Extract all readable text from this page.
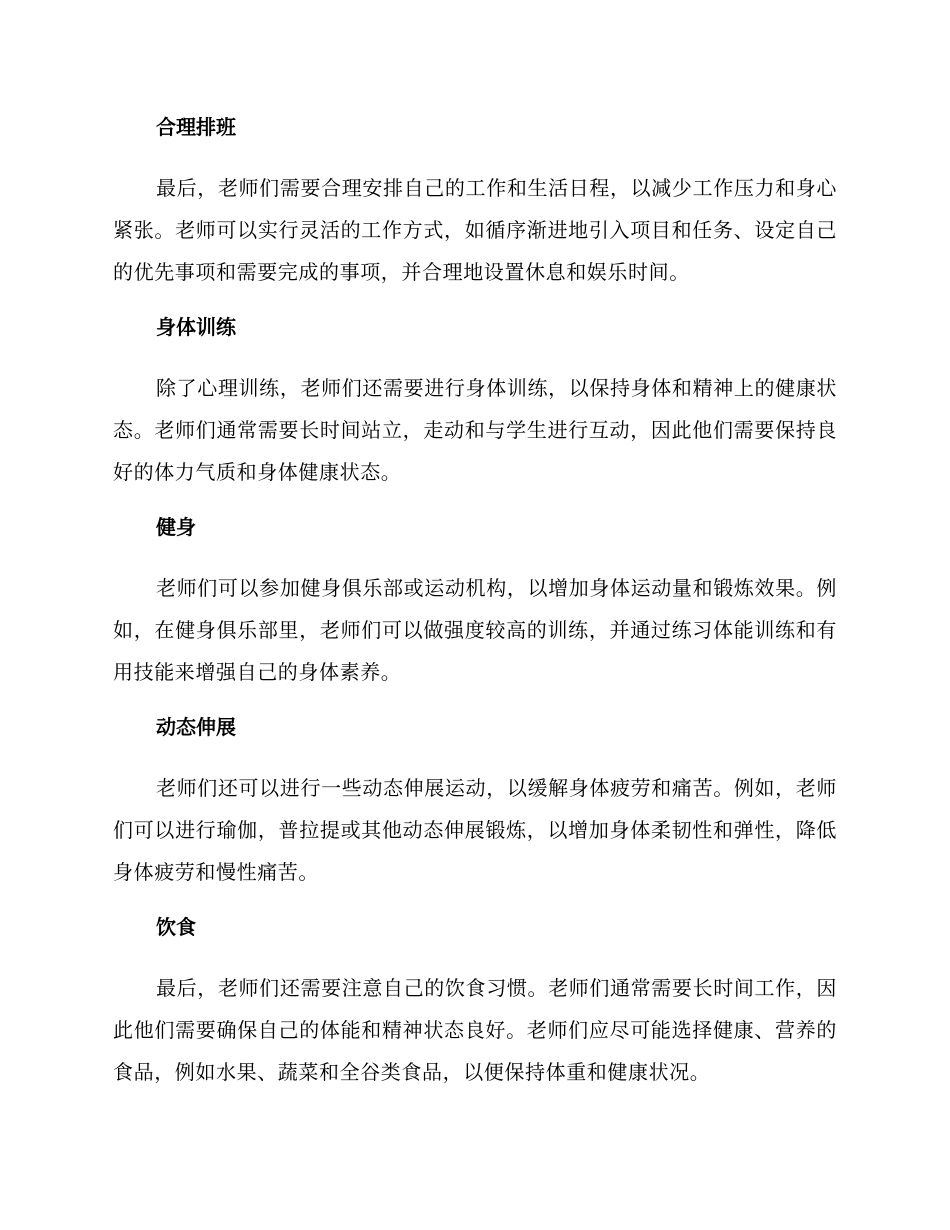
合理排班

最后，老师们需要合理安排自己的工作和生活日程，以减少工作压力和身心紧张。老师可以实行灵活的工作方式，如循序渐进地引入项目和任务、设定自己的优先事项和需要完成的事项，并合理地设置休息和娱乐时间。

身体训练

除了心理训练，老师们还需要进行身体训练，以保持身体和精神上的健康状态。老师们通常需要长时间站立，走动和与学生进行互动，因此他们需要保持良好的体力气质和身体健康状态。

健身

老师们可以参加健身俱乐部或运动机构，以增加身体运动量和锻炼效果。例如，在健身俱乐部里，老师们可以做强度较高的训练，并通过练习体能训练和有用技能来增强自己的身体素养。

动态伸展

老师们还可以进行一些动态伸展运动，以缓解身体疲劳和痛苦。例如，老师们可以进行瑜伽，普拉提或其他动态伸展锻炼，以增加身体柔韧性和弹性，降低身体疲劳和慢性痛苦。

饮食

最后，老师们还需要注意自己的饮食习惯。老师们通常需要长时间工作，因此他们需要确保自己的体能和精神状态良好。老师们应尽可能选择健康、营养的食品，例如水果、蔬菜和全谷类食品，以便保持体重和健康状况。
